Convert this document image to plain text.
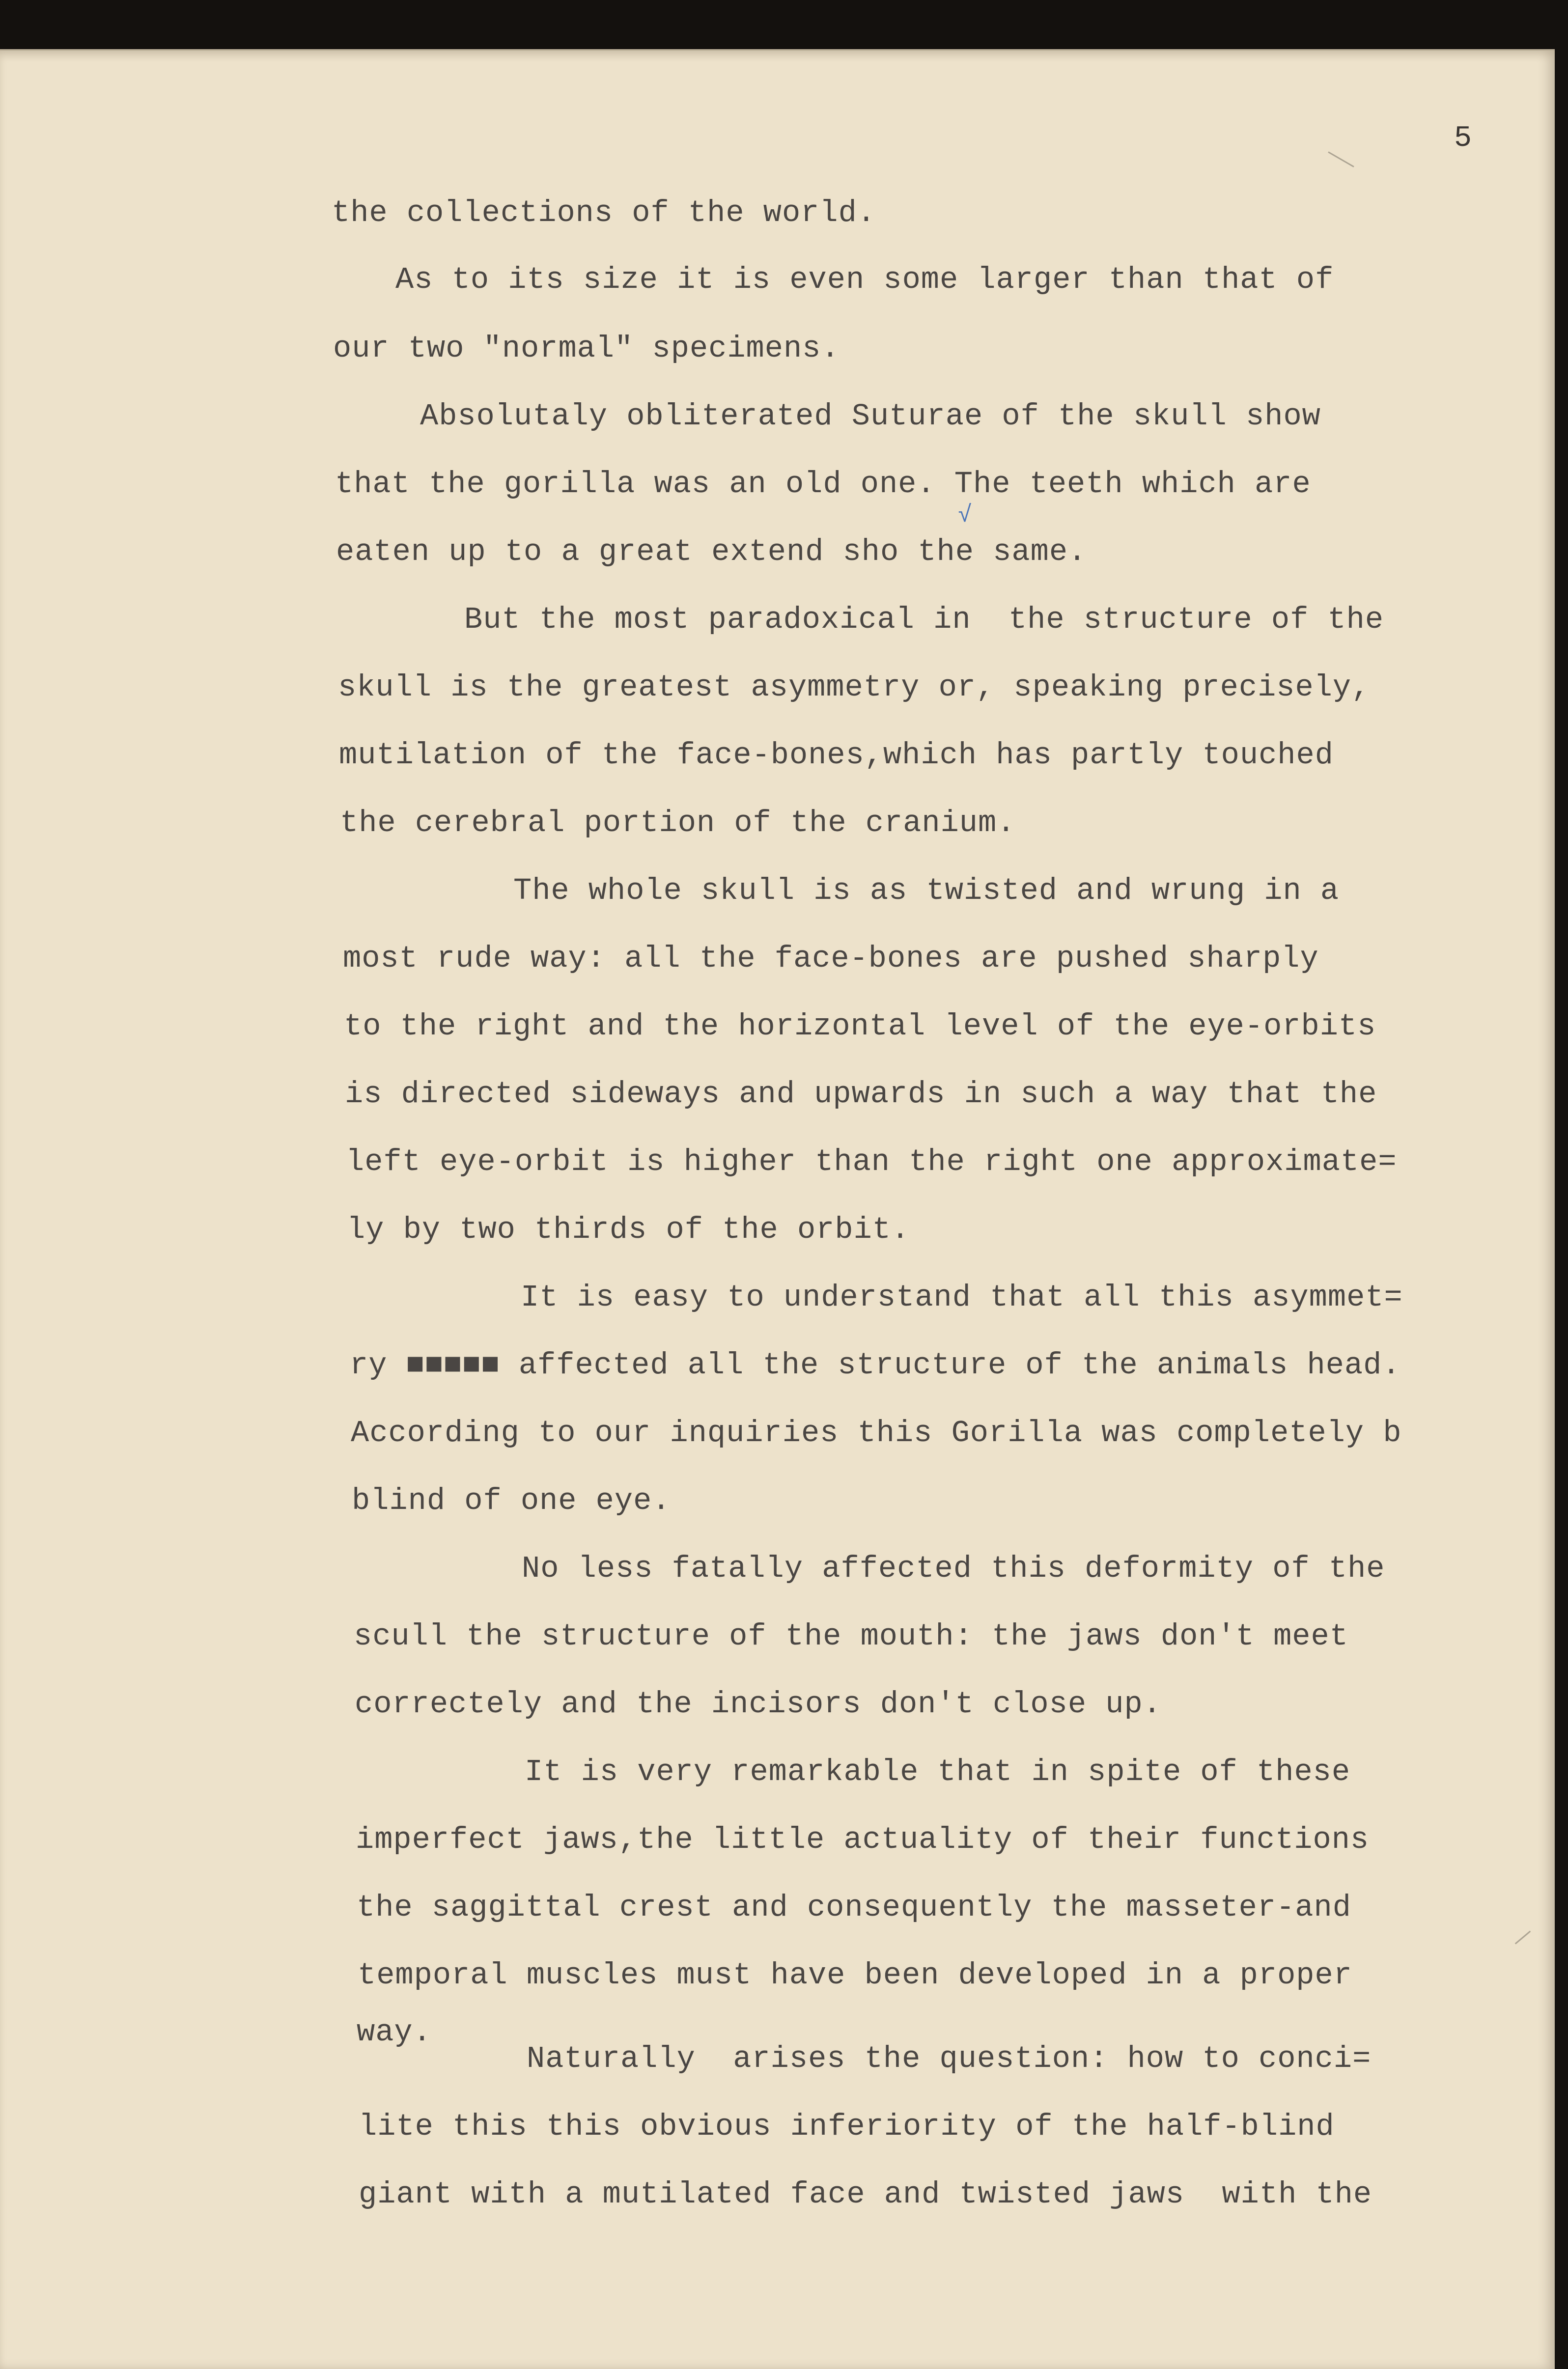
5
√
the collections of the world.
As to its size it is even some larger than that of
our two "normal" specimens.
Absolutaly obliterated Suturae of the skull show
that the gorilla was an old one. The teeth which are
eaten up to a great extend sho the same.
But the most paradoxical in  the structure of the
skull is the greatest asymmetry or, speaking precisely,
mutilation of the face-bones,which has partly touched
the cerebral portion of the cranium.
The whole skull is as twisted and wrung in a
most rude way: all the face-bones are pushed sharply
to the right and the horizontal level of the eye-orbits
is directed sideways and upwards in such a way that the
left eye-orbit is higher than the right one approximate=
ly by two thirds of the orbit.
It is easy to understand that all this asymmet=
ry ■■■■■ affected all the structure of the animals head.
According to our inquiries this Gorilla was completely b
blind of one eye.
No less fatally affected this deformity of the
scull the structure of the mouth: the jaws don't meet
correctely and the incisors don't close up.
It is very remarkable that in spite of these
imperfect jaws,the little actuality of their functions
the saggittal crest and consequently the masseter-and
temporal muscles must have been developed in a proper
way.
Naturally  arises the question: how to conci=
lite this this obvious inferiority of the half-blind
giant with a mutilated face and twisted jaws  with the
